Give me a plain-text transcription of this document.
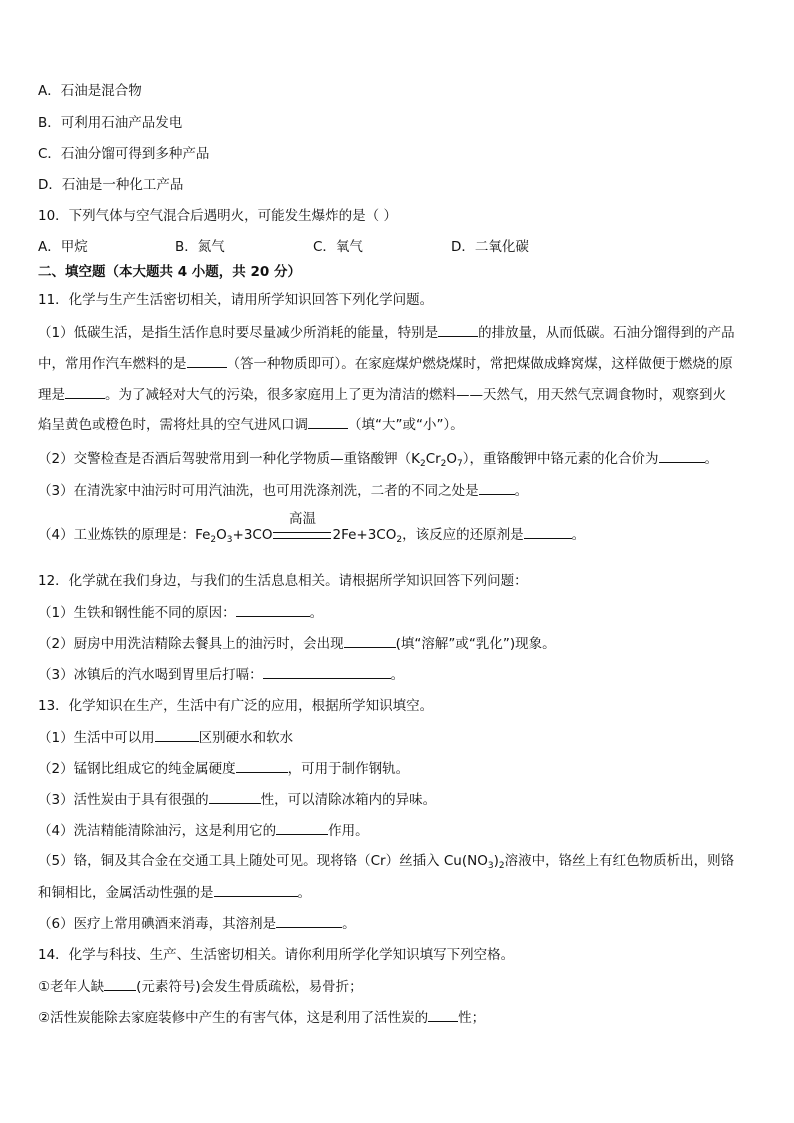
A．石油是混合物
B．可利用石油产品发电
C．石油分馏可得到多种产品
D．石油是一种化工产品
10．下列气体与空气混合后遇明火，可能发生爆炸的是（ ）
A．甲烷	B．氮气	C．氧气	D．二氧化碳
二、填空题（本大题共 4 小题，共 20 分）
11．化学与生产生活密切相关，请用所学知识回答下列化学问题。
（1）低碳生活，是指生活作息时要尽量减少所消耗的能量，特别是	的排放量，从而低碳。石油分馏得到的产品
中，常用作汽车燃料的是	（答一种物质即可）。在家庭煤炉燃烧煤时，常把煤做成蜂窝煤，这样做便于燃烧的原
理是	。为了减轻对大气的污染，很多家庭用上了更为清洁的燃料——天然气，用天然气烹调食物时，观察到火
焰呈黄色或橙色时，需将灶具的空气进风口调	（填“大”或“小”）。
（2）交警检查是否酒后驾驶常用到一种化学物质—重铬酸钾$(K_2Cr_2O_7)$，重铬酸钾中铬元素的化合价为	。
（3）在清洗家中油污时可用汽油洗，也可用洗涤剂洗，二者的不同之处是	。
（4）工业炼铁的原理是：$Fe_2O_3+3CO$
高温
$2Fe+3CO_2$，该反应的还原剂是	。
12．化学就在我们身边，与我们的生活息息相关。请根据所学知识回答下列问题：
（1）生铁和钢性能不同的原因：	。
（2）厨房中用洗洁精除去餐具上的油污时，会出现	(填“溶解”或“乳化”)现象。
（3）冰镇后的汽水喝到胃里后打嗝：	。
13．化学知识在生产，生活中有广泛的应用，根据所学知识填空。
（1）生活中可以用	区别硬水和软水
（2）锰钢比组成它的纯金属硬度	，可用于制作钢轨。
（3）活性炭由于具有很强的	性，可以清除冰箱内的异味。
（4）洗洁精能清除油污，这是利用它的	作用。
（5）铬，铜及其合金在交通工具上随处可见。现将铬（Cr）丝插入 $Cu(NO_3)_2$溶液中，铬丝上有红色物质析出，则铬
和铜相比，金属活动性强的是	。
（6）医疗上常用碘酒来消毒，其溶剂是	。
14．化学与科技、生产、生活密切相关。请你利用所学化学知识填写下列空格。
①老年人缺 (元素符号)会发生骨质疏松，易骨折；
②活性炭能除去家庭装修中产生的有害气体，这是利用了活性炭的 性；
